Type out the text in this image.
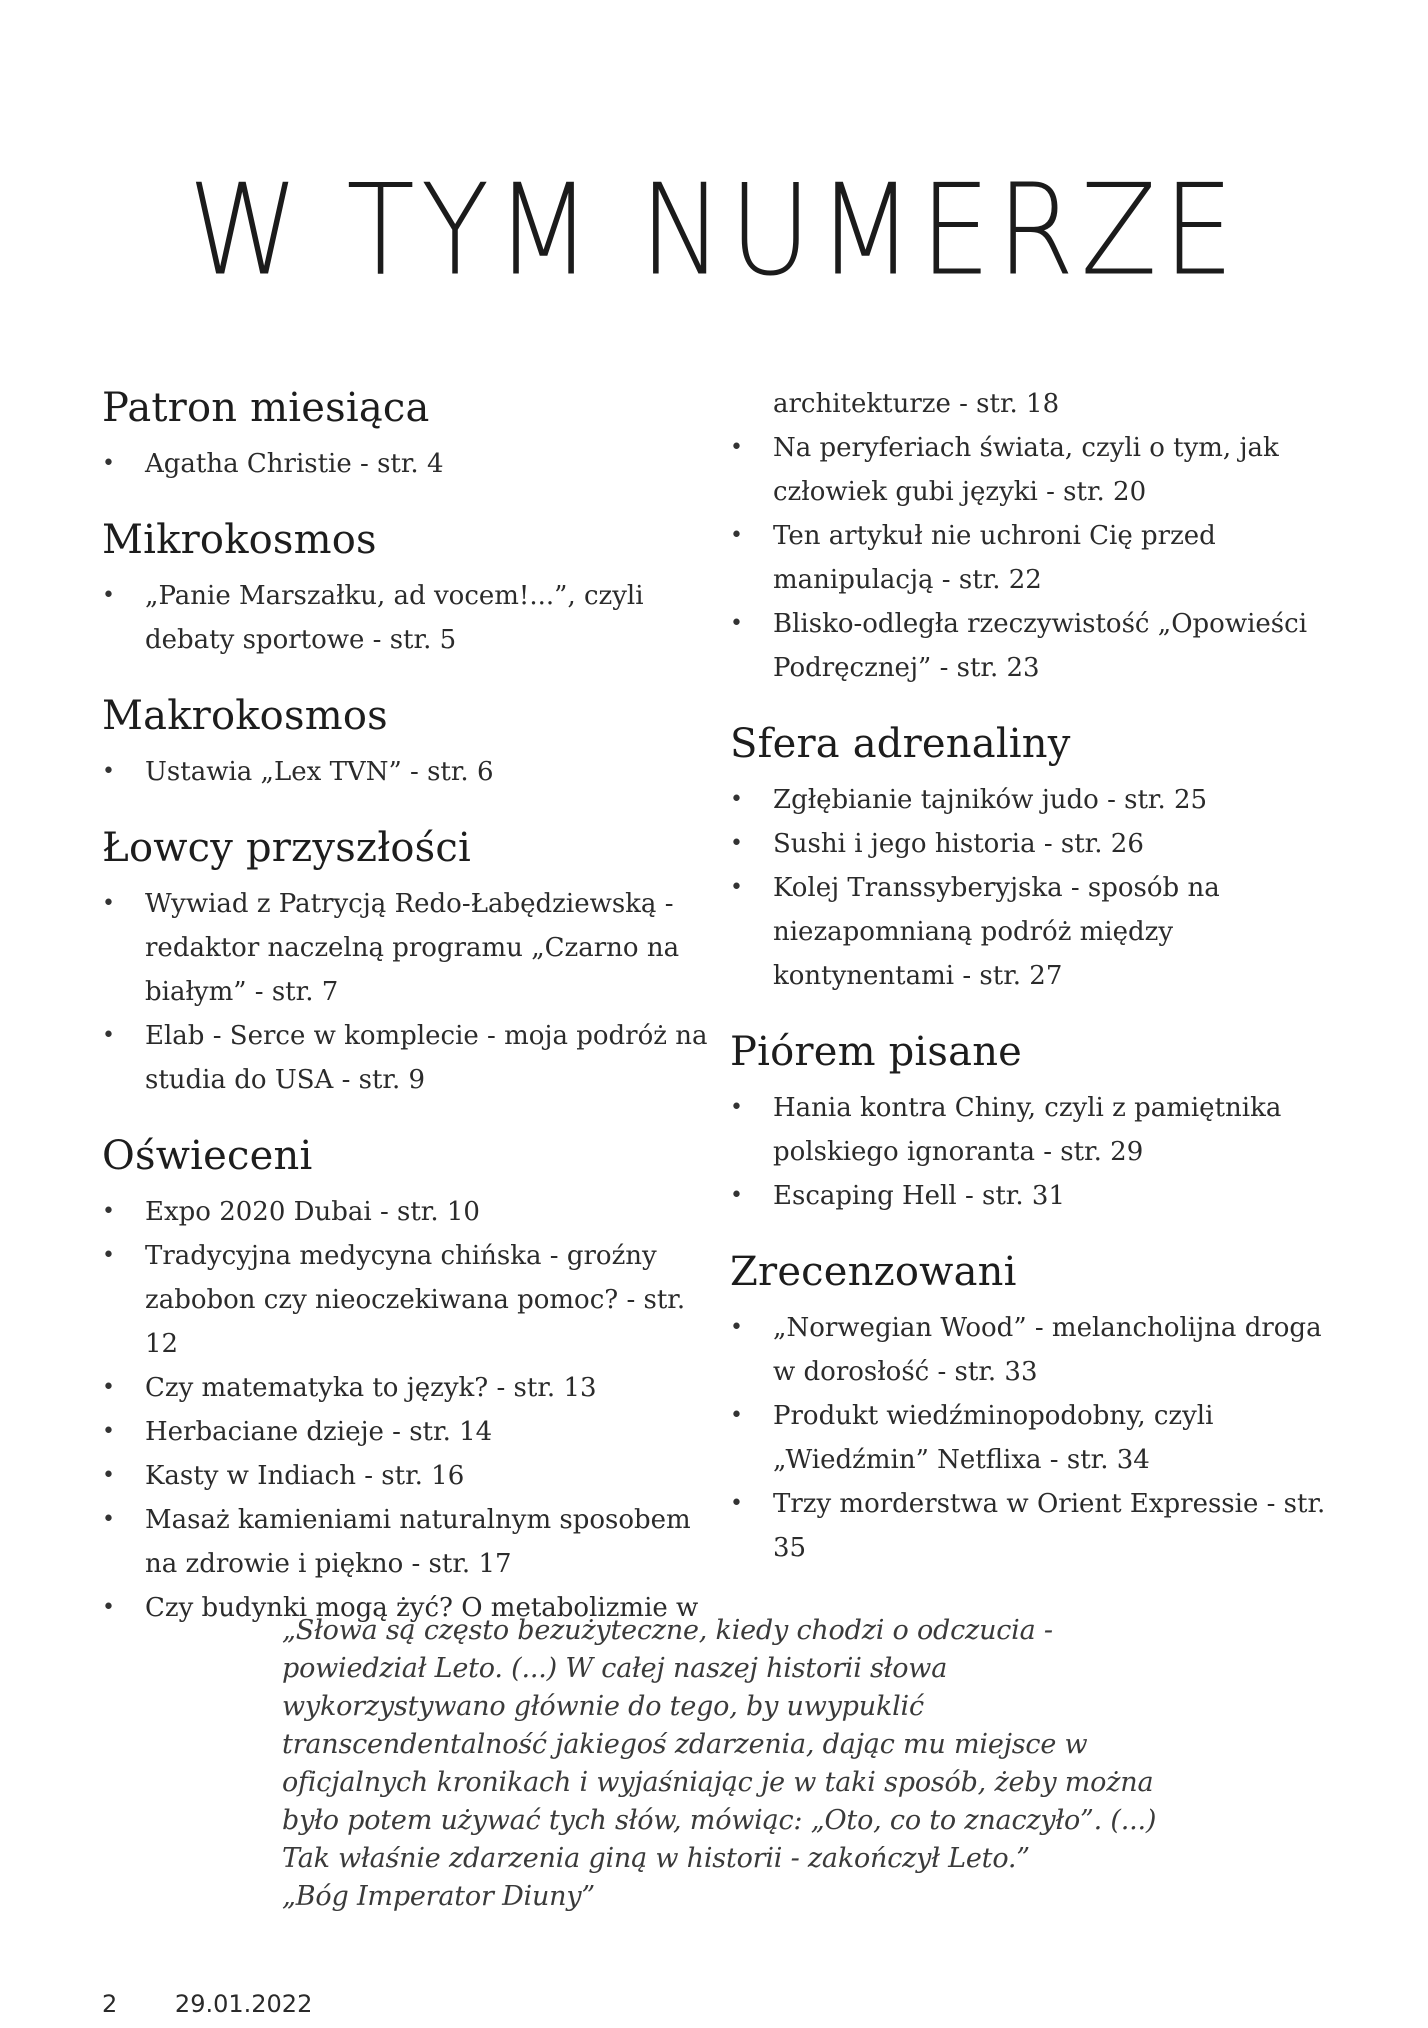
W TYM NUMERZE
Patron miesiąca
• Agatha Christie - str. 4
Mikrokosmos
• „Panie Marszałku, ad vocem!...”, czyli debaty sportowe - str. 5
Makrokosmos
• Ustawia „Lex TVN” - str. 6
Łowcy przyszłości
• Wywiad z Patrycją Redo-Łabędziewską - redaktor naczelną programu „Czarno na białym” - str. 7
• Elab - Serce w komplecie - moja podróż na studia do USA - str. 9
Oświeceni
• Expo 2020 Dubai - str. 10
• Tradycyjna medycyna chińska - groźny zabobon czy nieoczekiwana pomoc? - str. 12
• Czy matematyka to język? - str. 13
• Herbaciane dzieje - str. 14
• Kasty w Indiach - str. 16
• Masaż kamieniami naturalnym sposobem na zdrowie i piękno - str. 17
• Czy budynki mogą żyć? O metabolizmie w
architekturze - str. 18
• Na peryferiach świata, czyli o tym, jak człowiek gubi języki - str. 20
• Ten artykuł nie uchroni Cię przed manipulacją - str. 22
• Blisko-odległa rzeczywistość „Opowieści Podręcznej” - str. 23
Sfera adrenaliny
• Zgłębianie tajników judo - str. 25
• Sushi i jego historia - str. 26
• Kolej Transsyberyjska - sposób na niezapomnianą podróż między kontynentami - str. 27
Piórem pisane
• Hania kontra Chiny, czyli z pamiętnika polskiego ignoranta - str. 29
• Escaping Hell - str. 31
Zrecenzowani
• „Norwegian Wood” - melancholijna droga w dorosłość - str. 33
• Produkt wiedźminopodobny, czyli „Wiedźmin” Netflixa - str. 34
• Trzy morderstwa w Orient Expressie - str. 35

„Słowa są często bezużyteczne, kiedy chodzi o odczucia - powiedział Leto. (...) W całej naszej historii słowa wykorzystywano głównie do tego, by uwypuklić transcendentalność jakiegoś zdarzenia, dając mu miejsce w oficjalnych kronikach i wyjaśniając je w taki sposób, żeby można było potem używać tych słów, mówiąc: „Oto, co to znaczyło”. (...) Tak właśnie zdarzenia giną w historii - zakończył Leto.”

„Bóg Imperator Diuny”

2 29.01.2022
